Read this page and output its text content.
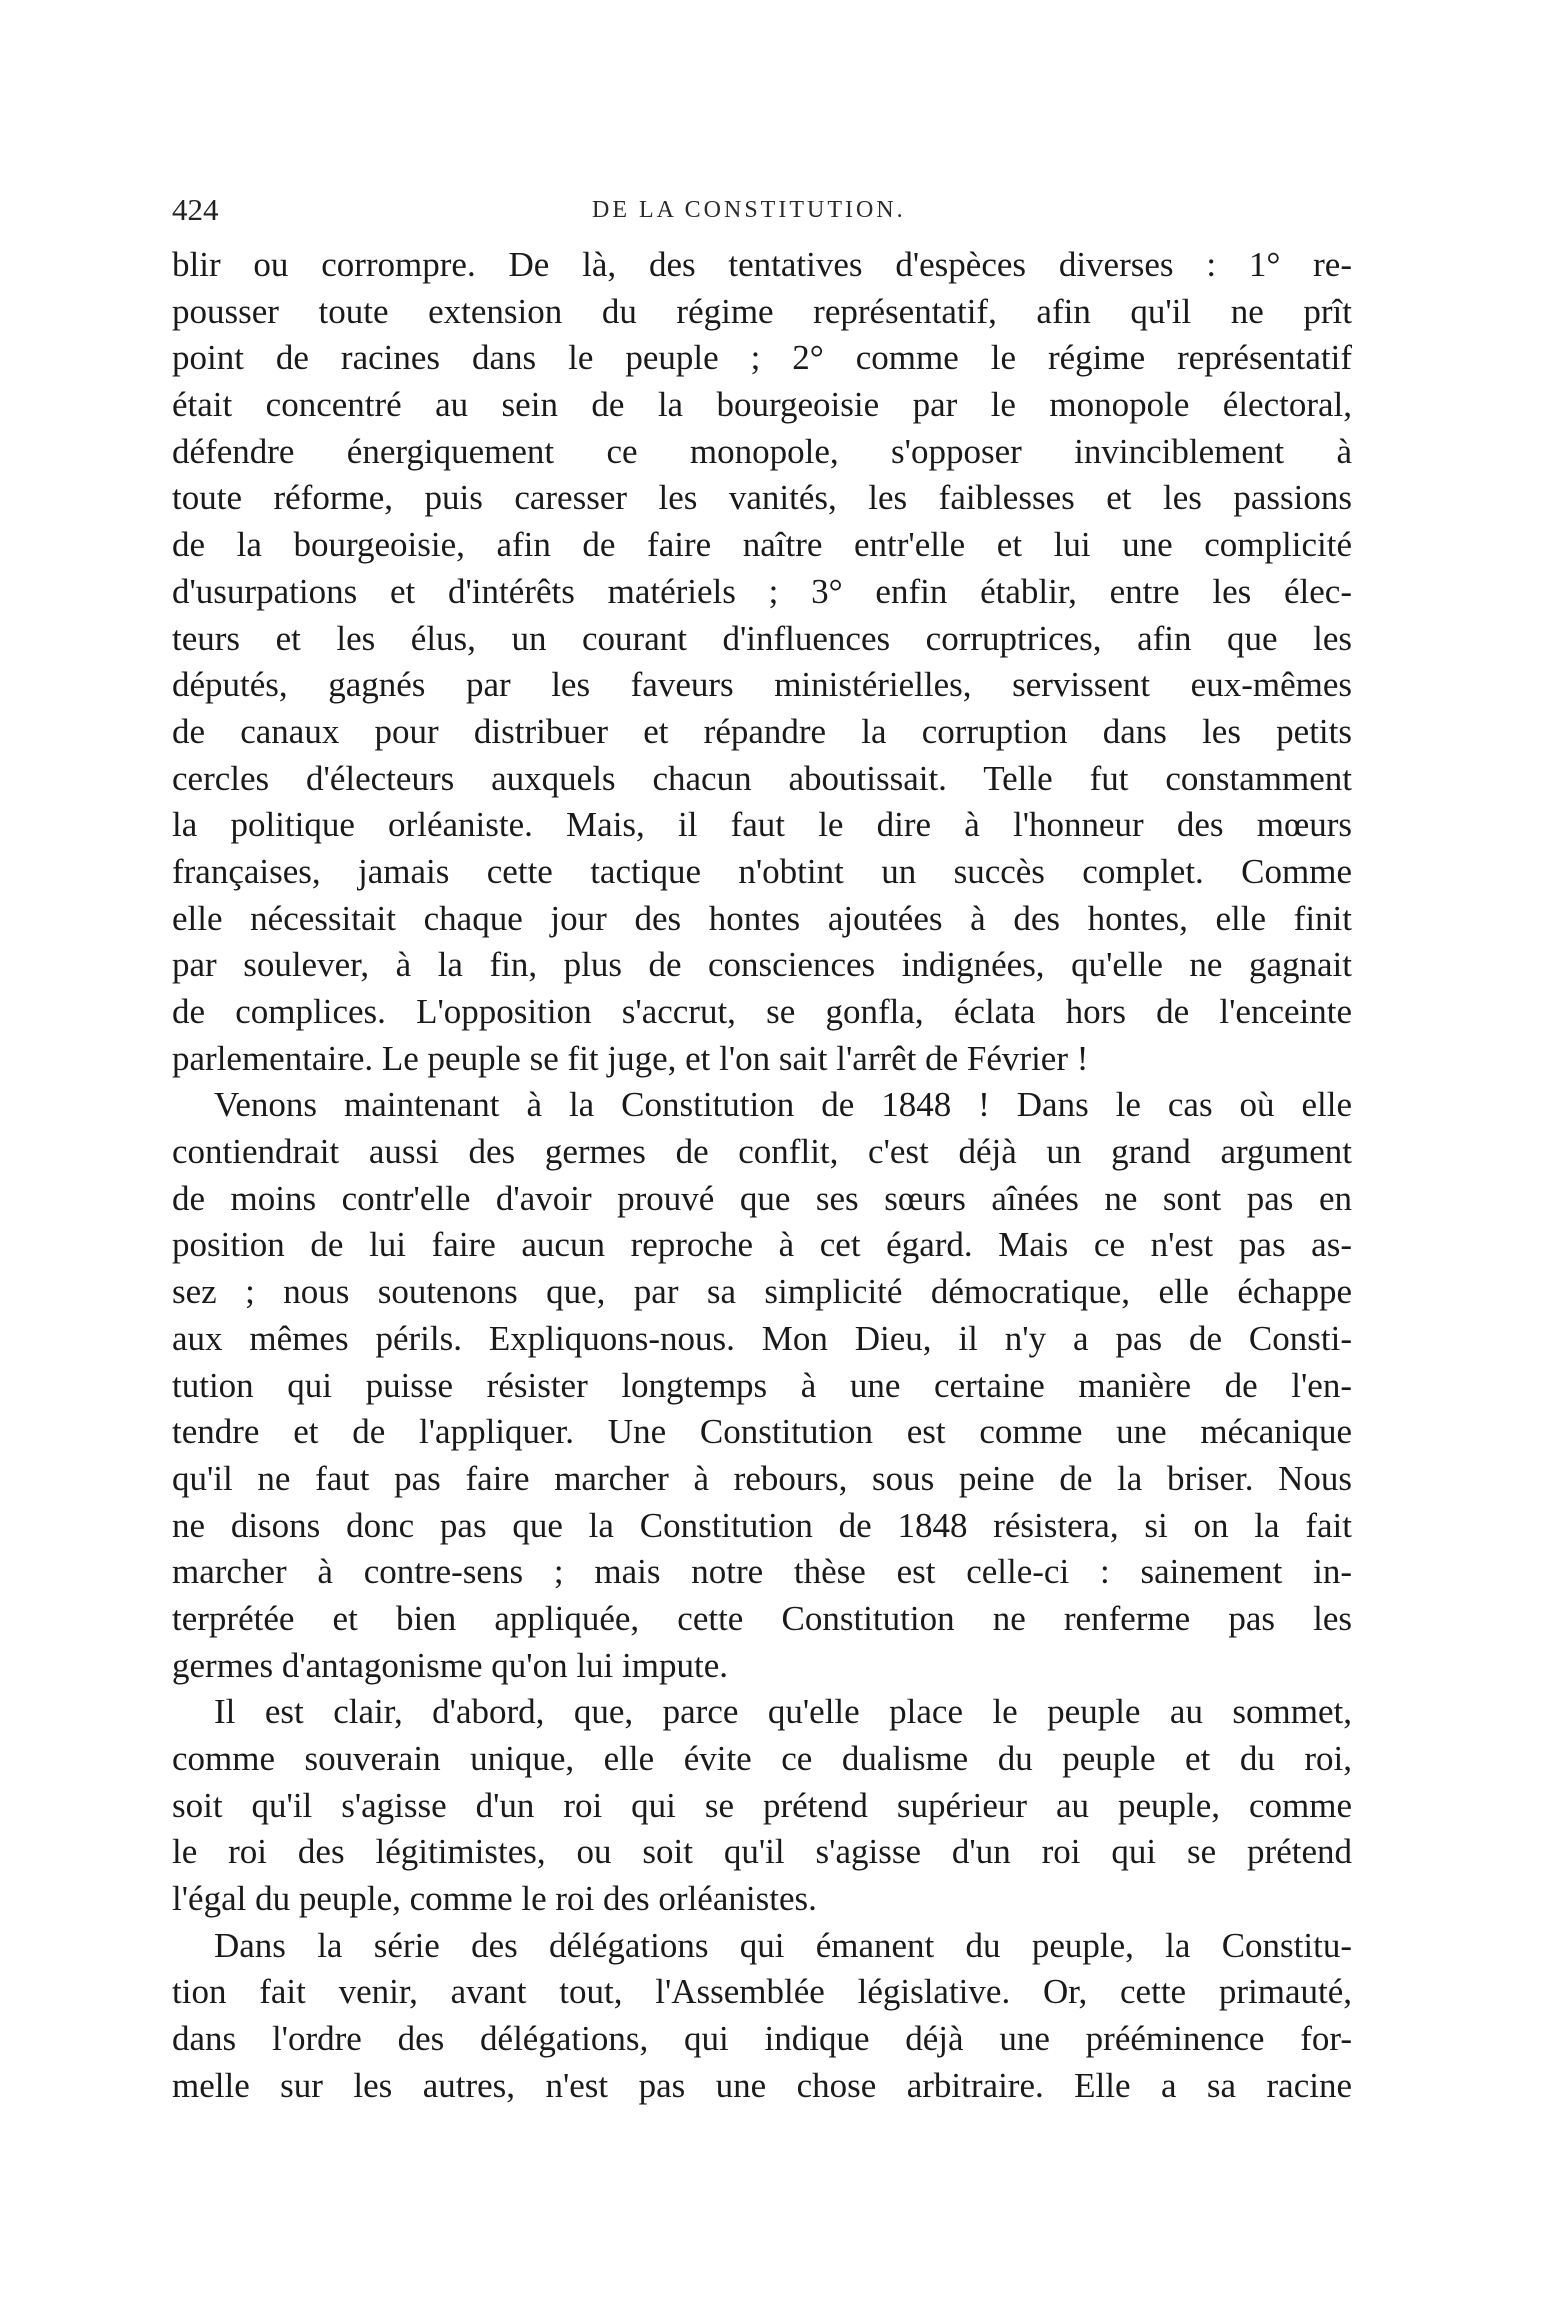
424	DE LA CONSTITUTION.
blir ou corrompre. De là, des tentatives d'espèces diverses : 1° re-
pousser toute extension du régime représentatif, afin qu'il ne prît
point de racines dans le peuple ; 2° comme le régime représentatif
était concentré au sein de la bourgeoisie par le monopole électoral,
défendre énergiquement ce monopole, s'opposer invinciblement à
toute réforme, puis caresser les vanités, les faiblesses et les passions
de la bourgeoisie, afin de faire naître entr'elle et lui une complicité
d'usurpations et d'intérêts matériels ; 3° enfin établir, entre les élec-
teurs et les élus, un courant d'influences corruptrices, afin que les
députés, gagnés par les faveurs ministérielles, servissent eux-mêmes
de canaux pour distribuer et répandre la corruption dans les petits
cercles d'électeurs auxquels chacun aboutissait. Telle fut constamment
la politique orléaniste. Mais, il faut le dire à l'honneur des mœurs
françaises, jamais cette tactique n'obtint un succès complet. Comme
elle nécessitait chaque jour des hontes ajoutées à des hontes, elle finit
par soulever, à la fin, plus de consciences indignées, qu'elle ne gagnait
de complices. L'opposition s'accrut, se gonfla, éclata hors de l'enceinte
parlementaire. Le peuple se fit juge, et l'on sait l'arrêt de Février !
Venons maintenant à la Constitution de 1848 ! Dans le cas où elle
contiendrait aussi des germes de conflit, c'est déjà un grand argument
de moins contr'elle d'avoir prouvé que ses sœurs aînées ne sont pas en
position de lui faire aucun reproche à cet égard. Mais ce n'est pas as-
sez ; nous soutenons que, par sa simplicité démocratique, elle échappe
aux mêmes périls. Expliquons-nous. Mon Dieu, il n'y a pas de Consti-
tution qui puisse résister longtemps à une certaine manière de l'en-
tendre et de l'appliquer. Une Constitution est comme une mécanique
qu'il ne faut pas faire marcher à rebours, sous peine de la briser. Nous
ne disons donc pas que la Constitution de 1848 résistera, si on la fait
marcher à contre-sens ; mais notre thèse est celle-ci : sainement in-
terprétée et bien appliquée, cette Constitution ne renferme pas les
germes d'antagonisme qu'on lui impute.
Il est clair, d'abord, que, parce qu'elle place le peuple au sommet,
comme souverain unique, elle évite ce dualisme du peuple et du roi,
soit qu'il s'agisse d'un roi qui se prétend supérieur au peuple, comme
le roi des légitimistes, ou soit qu'il s'agisse d'un roi qui se prétend
l'égal du peuple, comme le roi des orléanistes.
Dans la série des délégations qui émanent du peuple, la Constitu-
tion fait venir, avant tout, l'Assemblée législative. Or, cette primauté,
dans l'ordre des délégations, qui indique déjà une prééminence for-
melle sur les autres, n'est pas une chose arbitraire. Elle a sa racine
